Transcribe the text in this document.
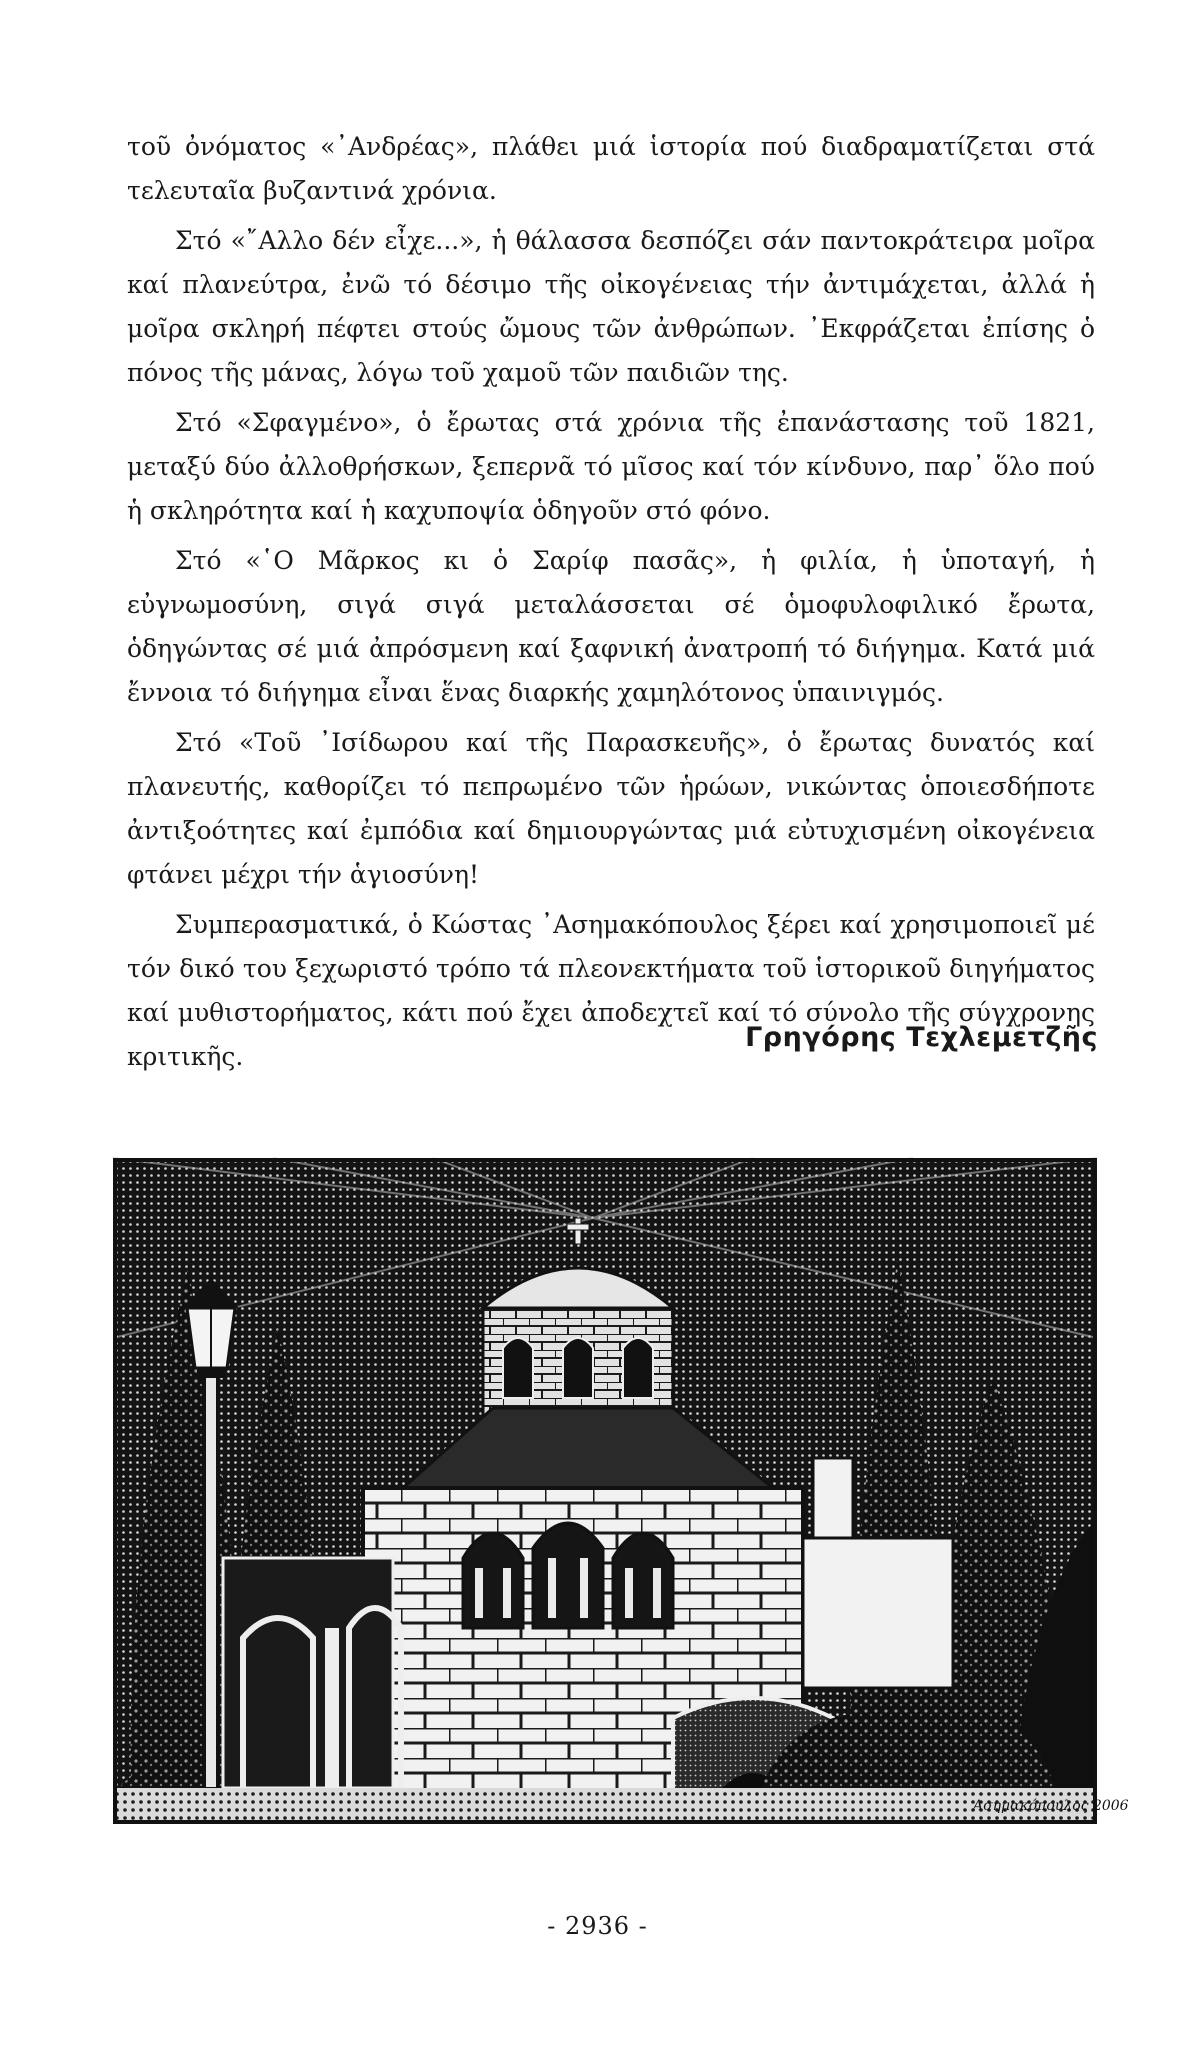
τοῦ ὀνόματος «᾽Ανδρέας», πλάθει μιά ἱστορία πού διαδραματίζεται στά τελευταῖα βυζαντινά χρόνια.

Στό «῎Αλλο δέν εἶχε...», ἡ θάλασσα δεσπόζει σάν παντοκράτειρα μοῖρα καί πλανεύτρα, ἐνῶ τό δέσιμο τῆς οἰκογένειας τήν ἀντιμάχεται, ἀλλά ἡ μοῖρα σκληρή πέφτει στούς ὤμους τῶν ἀνθρώπων. ᾽Εκφράζεται ἐπίσης ὁ πόνος τῆς μάνας, λόγω τοῦ χαμοῦ τῶν παιδιῶν της.

Στό «Σφαγμένο», ὁ ἔρωτας στά χρόνια τῆς ἐπανάστασης τοῦ 1821, μεταξύ δύο ἀλλοθρήσκων, ξεπερνᾶ τό μῖσος καί τόν κίνδυνο, παρ᾽ ὅλο πού ἡ σκληρότητα καί ἡ καχυποψία ὁδηγοῦν στό φόνο.

Στό «῾Ο Μᾶρκος κι ὁ Σαρίφ πασᾶς», ἡ φιλία, ἡ ὑποταγή, ἡ εὐγνωμοσύνη, σιγά σιγά μεταλάσσεται σέ ὁμοφυλοφιλικό ἔρωτα, ὁδηγώντας σέ μιά ἀπρόσμενη καί ξαφνική ἀνατροπή τό διήγημα. Κατά μιά ἔννοια τό διήγημα εἶναι ἕνας διαρκής χαμηλότονος ὑπαινιγμός.

Στό «Τοῦ ᾽Ισίδωρου καί τῆς Παρασκευῆς», ὁ ἔρωτας δυνατός καί πλανευτής, καθορίζει τό πεπρωμένο τῶν ἡρώων, νικώντας ὁποιεσδήποτε ἀντιξοότητες καί ἐμπόδια καί δημιουργώντας μιά εὐτυχισμένη οἰκογένεια φτάνει μέχρι τήν ἁγιοσύνη!

Συμπερασματικά, ὁ Κώστας ᾽Ασημακόπουλος ξέρει καί χρησιμοποιεῖ μέ τόν δικό του ξεχωριστό τρόπο τά πλεονεκτήματα τοῦ ἱστορικοῦ διηγήματος καί μυθιστορήματος, κάτι πού ἔχει ἀποδεχτεῖ καί τό σύνολο τῆς σύγχρονης κριτικῆς.

Γρηγόρης Τεχλεμετζῆς
Ασημακόπουλος 2006
- 2936 -
